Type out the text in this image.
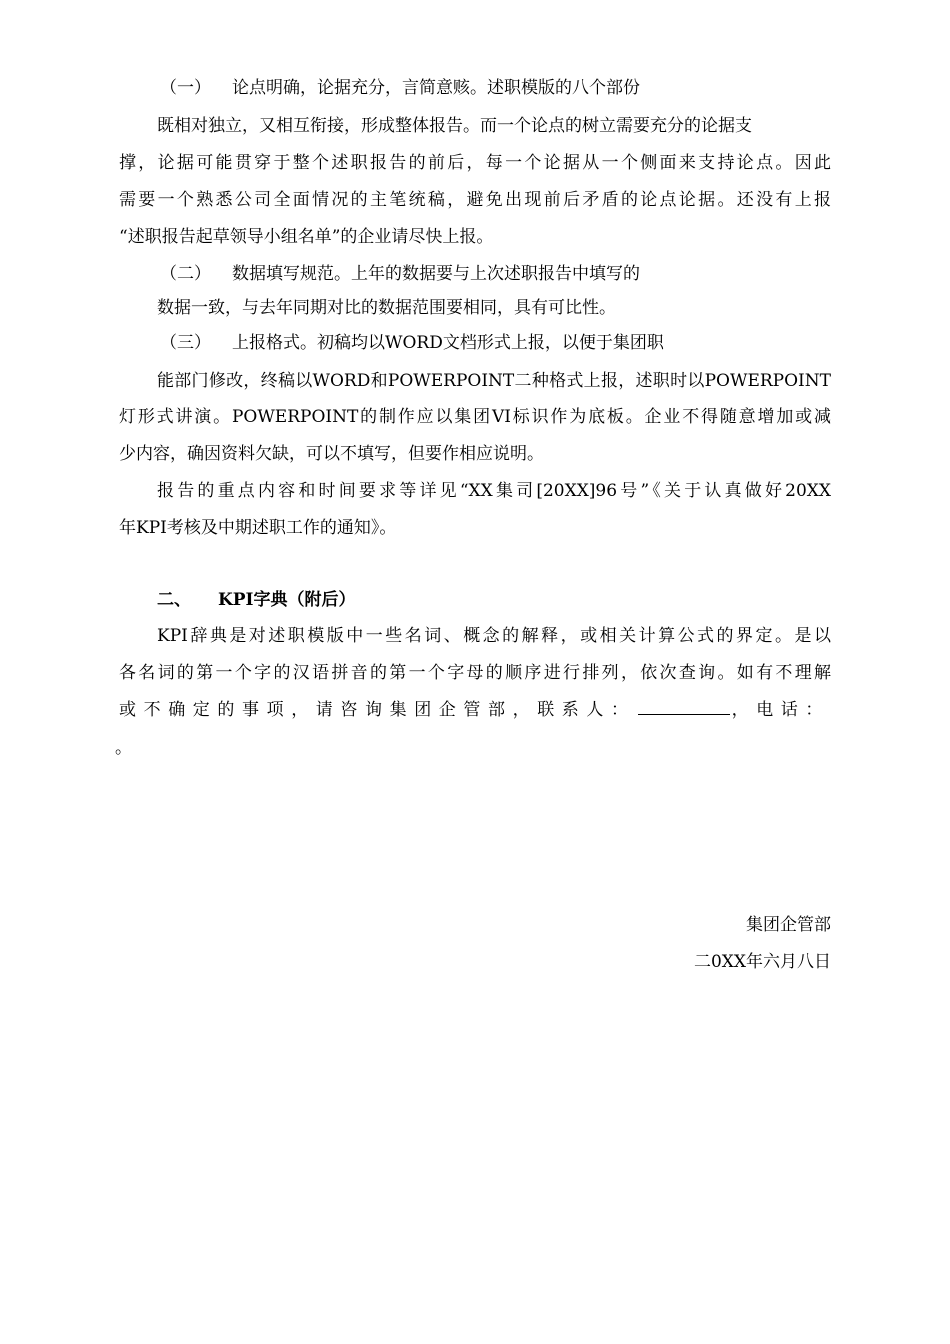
（一） 论点明确，论据充分，言简意赅。述职模版的八个部份
既相对独立，又相互衔接，形成整体报告。而一个论点的树立需要充分的论据支
撑，论据可能贯穿于整个述职报告的前后，每一个论据从一个侧面来支持论点。因此
需要一个熟悉公司全面情况的主笔统稿，避免出现前后矛盾的论点论据。还没有上报
“述职报告起草领导小组名单”的企业请尽快上报。
（二） 数据填写规范。上年的数据要与上次述职报告中填写的
数据一致，与去年同期对比的数据范围要相同，具有可比性。
（三） 上报格式。初稿均以WORD文档形式上报，以便于集团职
能部门修改，终稿以WORD和POWERPOINT二种格式上报，述职时以POWERPOINT
灯形式讲演。POWERPOINT的制作应以集团VI标识作为底板。企业不得随意增加或减
少内容，确因资料欠缺，可以不填写，但要作相应说明。
报告的重点内容和时间要求等详见“XX集司[20XX]96号”《关于认真做好20XX
年KPI考核及中期述职工作的通知》。
二、 KPI字典（附后）
KPI辞典是对述职模版中一些名词、概念的解释，或相关计算公式的界定。是以
各名词的第一个字的汉语拼音的第一个字母的顺序进行排列，依次查询。如有不理解
或不确定的事项，请咨询集团企管部，联系人：	，电话：
。
集团企管部
二0XX年六月八日
